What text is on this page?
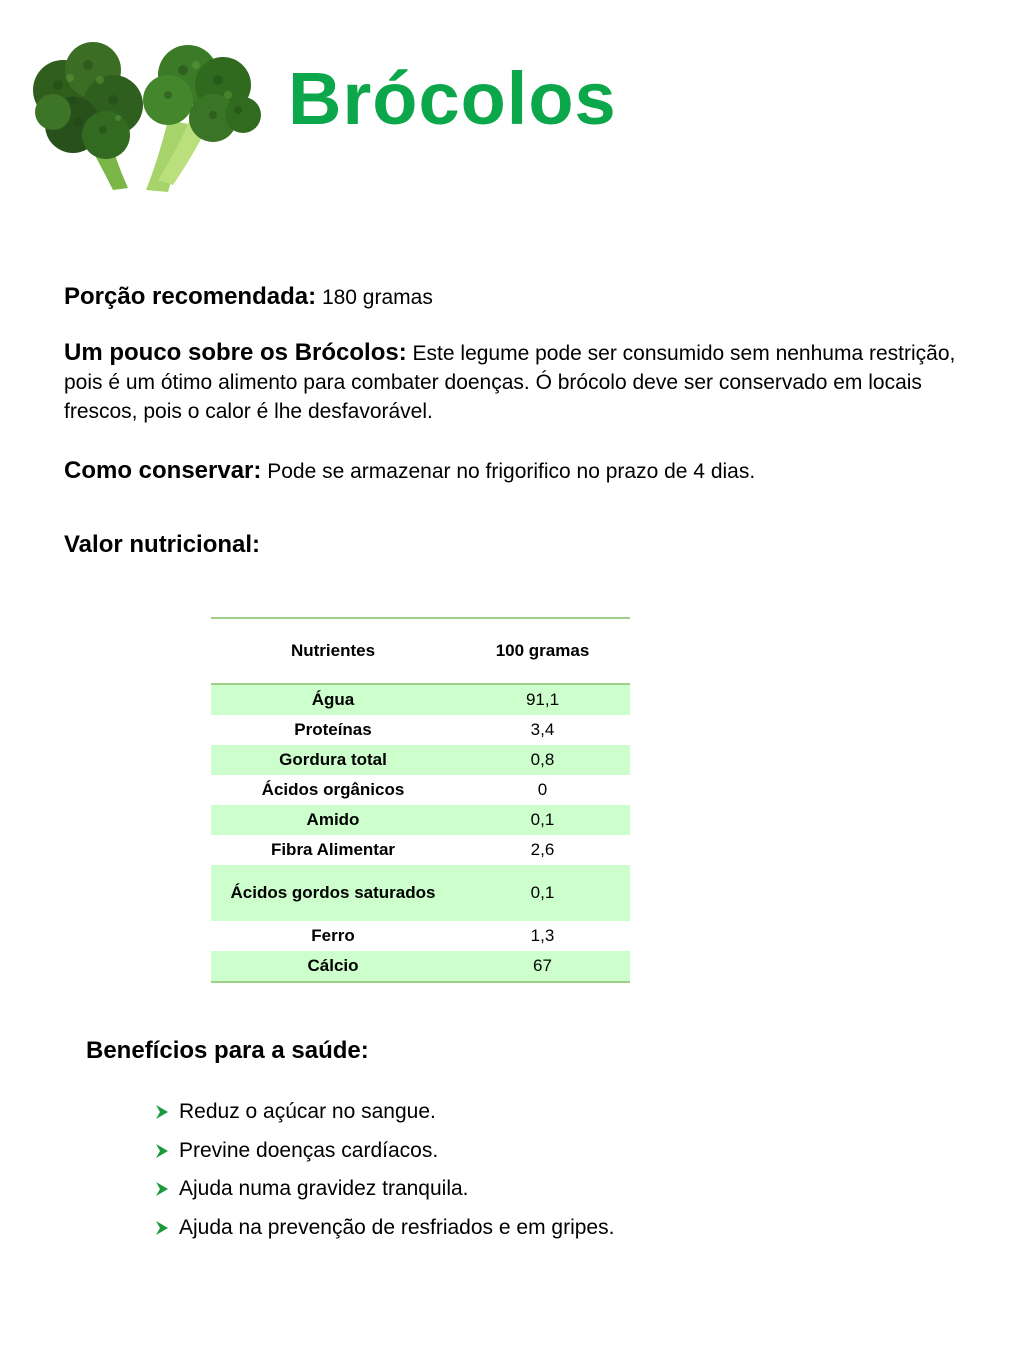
Brócolos

Porção recomendada: 180 gramas

Um pouco sobre os Brócolos: Este legume pode ser consumido sem nenhuma restrição, pois é um ótimo alimento para combater doenças. Ó brócolo deve ser conservado em locais frescos, pois o calor é lhe desfavorável.

Como conservar: Pode se armazenar no frigorifico no prazo de 4 dias.

Valor nutricional:
Nutrientes	100 gramas
Água	91,1
Proteínas	3,4
Gordura total	0,8
Ácidos orgânicos	0
Amido	0,1
Fibra Alimentar	2,6
Ácidos gordos saturados	0,1
Ferro	1,3
Cálcio	67
Benefícios para a saúde:
Reduz o açúcar no sangue.
Previne doenças cardíacos.
Ajuda numa gravidez tranquila.
Ajuda na prevenção de resfriados e em gripes.
